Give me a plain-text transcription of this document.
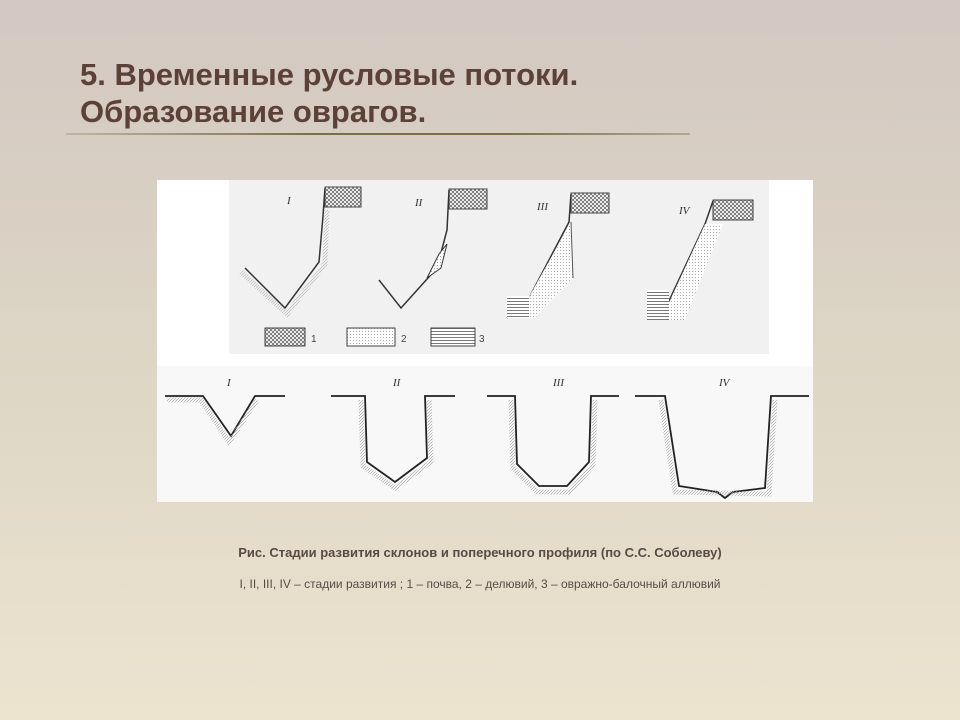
5. Временные русловые потоки.
Образование оврагов.
I	II	III	IV
1	2	3
I	II	III	IV

Рис. Стадии развития склонов и поперечного профиля (по С.С. Соболеву)

I, II, III, IV – стадии развития ; 1 – почва, 2 – делювий, 3 – овражно-балочный аллювий
